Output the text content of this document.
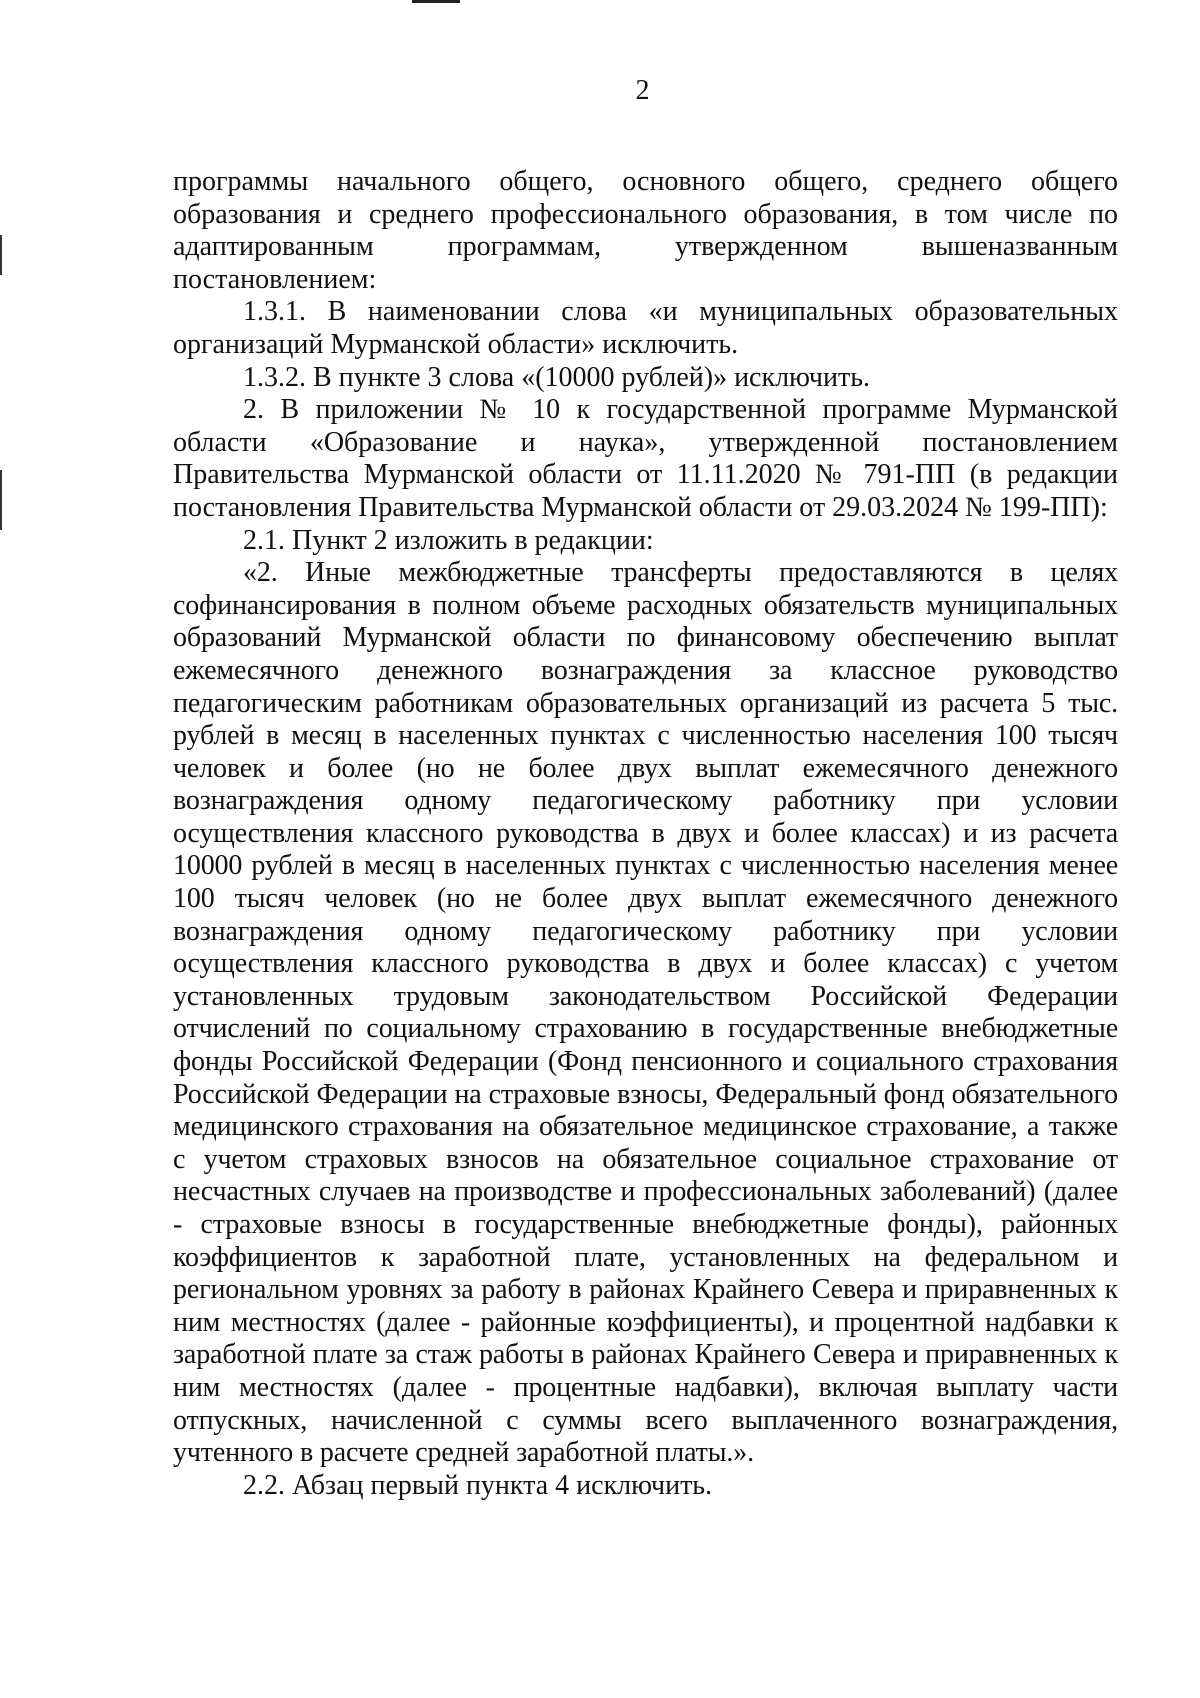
2

программы начального общего, основного общего, среднего общего образования и среднего профессионального образования, в том числе по адаптированным программам, утвержденном вышеназванным постановлением:

1.3.1. В наименовании слова «и муниципальных образовательных организаций Мурманской области» исключить.

1.3.2. В пункте 3 слова «(10000 рублей)» исключить.

2. В приложении № 10 к государственной программе Мурманской области «Образование и наука», утвержденной постановлением Правительства Мурманской области от 11.11.2020 № 791-ПП (в редакции постановления Правительства Мурманской области от 29.03.2024 № 199-ПП):

2.1. Пункт 2 изложить в редакции:

«2. Иные межбюджетные трансферты предоставляются в целях софинансирования в полном объеме расходных обязательств муниципальных образований Мурманской области по финансовому обеспечению выплат ежемесячного денежного вознаграждения за классное руководство педагогическим работникам образовательных организаций из расчета 5 тыс. рублей в месяц в населенных пунктах с численностью населения 100 тысяч человек и более (но не более двух выплат ежемесячного денежного вознаграждения одному педагогическому работнику при условии осуществления классного руководства в двух и более классах) и из расчета 10000 рублей в месяц в населенных пунктах с численностью населения менее 100 тысяч человек (но не более двух выплат ежемесячного денежного вознаграждения одному педагогическому работнику при условии осуществления классного руководства в двух и более классах) с учетом установленных трудовым законодательством Российской Федерации отчислений по социальному страхованию в государственные внебюджетные фонды Российской Федерации (Фонд пенсионного и социального страхования Российской Федерации на страховые взносы, Федеральный фонд обязательного медицинского страхования на обязательное медицинское страхование, а также с учетом страховых взносов на обязательное социальное страхование от несчастных случаев на производстве и профессиональных заболеваний) (далее - страховые взносы в государственные внебюджетные фонды), районных коэффициентов к заработной плате, установленных на федеральном и региональном уровнях за работу в районах Крайнего Севера и приравненных к ним местностях (далее - районные коэффициенты), и процентной надбавки к заработной плате за стаж работы в районах Крайнего Севера и приравненных к ним местностях (далее - процентные надбавки), включая выплату части отпускных, начисленной с суммы всего выплаченного вознаграждения, учтенного в расчете средней заработной платы.».

2.2. Абзац первый пункта 4 исключить.
